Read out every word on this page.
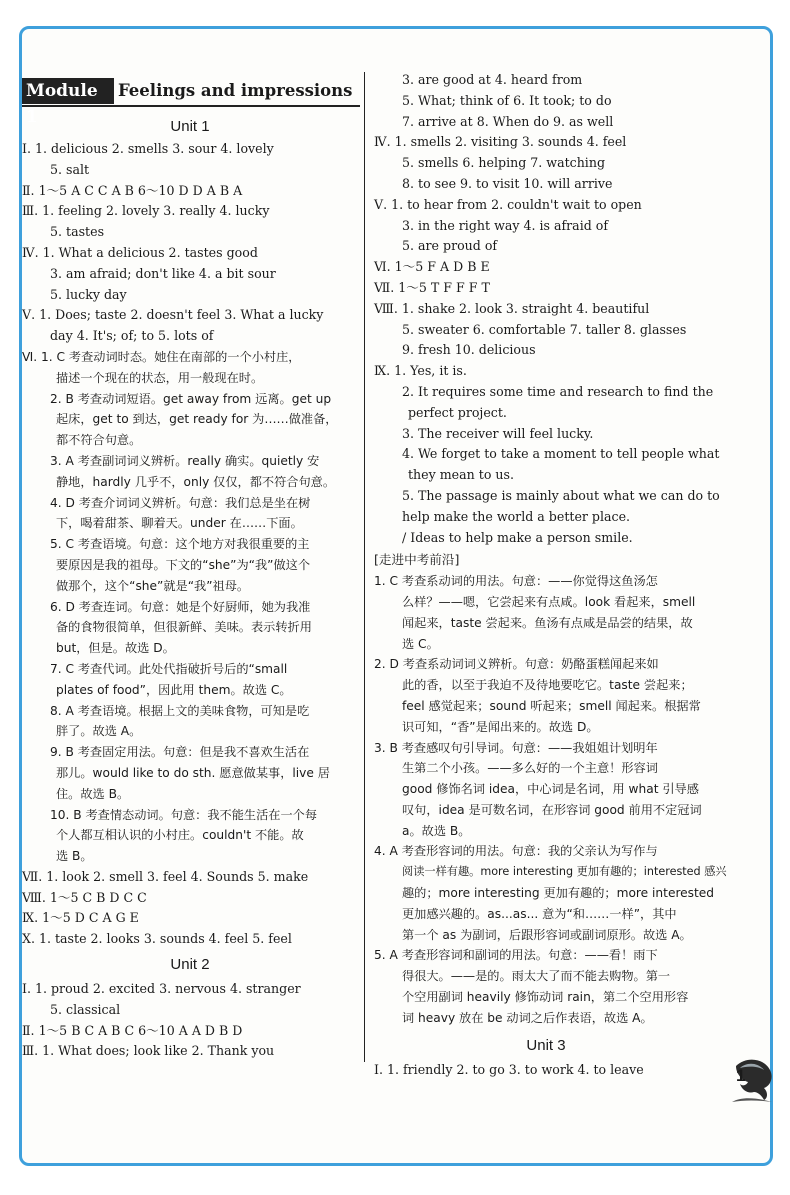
Module 1
Feelings and impressions
Unit 1
Ⅰ. 1. delicious 2. smells 3. sour 4. lovely
5. salt
Ⅱ. 1～5 A C C A B 6～10 D D A B A
Ⅲ. 1. feeling 2. lovely 3. really 4. lucky
5. tastes
Ⅳ. 1. What a delicious 2. tastes good
3. am afraid; don't like 4. a bit sour
5. lucky day
Ⅴ. 1. Does; taste 2. doesn't feel 3. What a lucky
day 4. It's; of; to 5. lots of
Ⅵ. 1. C 考查动词时态。她住在南部的一个小村庄，
描述一个现在的状态，用一般现在时。
2. B 考查动词短语。get away from 远离。get up
起床，get to 到达，get ready for 为……做准备，
都不符合句意。
3. A 考查副词词义辨析。really 确实。quietly 安
静地，hardly 几乎不，only 仅仅，都不符合句意。
4. D 考查介词词义辨析。句意：我们总是坐在树
下，喝着甜茶、聊着天。under 在……下面。
5. C 考查语境。句意：这个地方对我很重要的主
要原因是我的祖母。下文的“she”为“我”做这个
做那个，这个“she”就是“我”祖母。
6. D 考查连词。句意：她是个好厨师，她为我准
备的食物很简单，但很新鲜、美味。表示转折用
but，但是。故选 D。
7. C 考查代词。此处代指破折号后的“small
plates of food”，因此用 them。故选 C。
8. A 考查语境。根据上文的美味食物，可知是吃
胖了。故选 A。
9. B 考查固定用法。句意：但是我不喜欢生活在
那儿。would like to do sth. 愿意做某事，live 居
住。故选 B。
10. B 考查情态动词。句意：我不能生活在一个每
个人都互相认识的小村庄。couldn't 不能。故
选 B。
Ⅶ. 1. look 2. smell 3. feel 4. Sounds 5. make
Ⅷ. 1～5 C B D C C
Ⅸ. 1～5 D C A G E
Ⅹ. 1. taste 2. looks 3. sounds 4. feel 5. feel
Unit 2
Ⅰ. 1. proud 2. excited 3. nervous 4. stranger
5. classical
Ⅱ. 1～5 B C A B C 6～10 A A D B D
Ⅲ. 1. What does; look like 2. Thank you
3. are good at 4. heard from
5. What; think of 6. It took; to do
7. arrive at 8. When do 9. as well
Ⅳ. 1. smells 2. visiting 3. sounds 4. feel
5. smells 6. helping 7. watching
8. to see 9. to visit 10. will arrive
Ⅴ. 1. to hear from 2. couldn't wait to open
3. in the right way 4. is afraid of
5. are proud of
Ⅵ. 1～5 F A D B E
Ⅶ. 1～5 T F F F T
Ⅷ. 1. shake 2. look 3. straight 4. beautiful
5. sweater 6. comfortable 7. taller 8. glasses
9. fresh 10. delicious
Ⅸ. 1. Yes, it is.
2. It requires some time and research to find the
perfect project.
3. The receiver will feel lucky.
4. We forget to take a moment to tell people what
they mean to us.
5. The passage is mainly about what we can do to
help make the world a better place.
/ Ideas to help make a person smile.
[走进中考前沿]
1. C 考查系动词的用法。句意：——你觉得这鱼汤怎
么样？——嗯，它尝起来有点咸。look 看起来，smell
闻起来，taste 尝起来。鱼汤有点咸是品尝的结果，故
选 C。
2. D 考查系动词词义辨析。句意：奶酪蛋糕闻起来如
此的香，以至于我迫不及待地要吃它。taste 尝起来；
feel 感觉起来；sound 听起来；smell 闻起来。根据常
识可知，“香”是闻出来的。故选 D。
3. B 考查感叹句引导词。句意：——我姐姐计划明年
生第二个小孩。——多么好的一个主意！形容词
good 修饰名词 idea，中心词是名词，用 what 引导感
叹句，idea 是可数名词，在形容词 good 前用不定冠词
a。故选 B。
4. A 考查形容词的用法。句意：我的父亲认为写作与
阅读一样有趣。more interesting 更加有趣的；interested 感兴
趣的；more interesting 更加有趣的；more interested
更加感兴趣的。as...as... 意为“和……一样”，其中
第一个 as 为副词，后跟形容词或副词原形。故选 A。
5. A 考查形容词和副词的用法。句意：——看！雨下
得很大。——是的。雨太大了而不能去购物。第一
个空用副词 heavily 修饰动词 rain，第二个空用形容
词 heavy 放在 be 动词之后作表语，故选 A。
Unit 3
Ⅰ. 1. friendly 2. to go 3. to work 4. to leave	1
